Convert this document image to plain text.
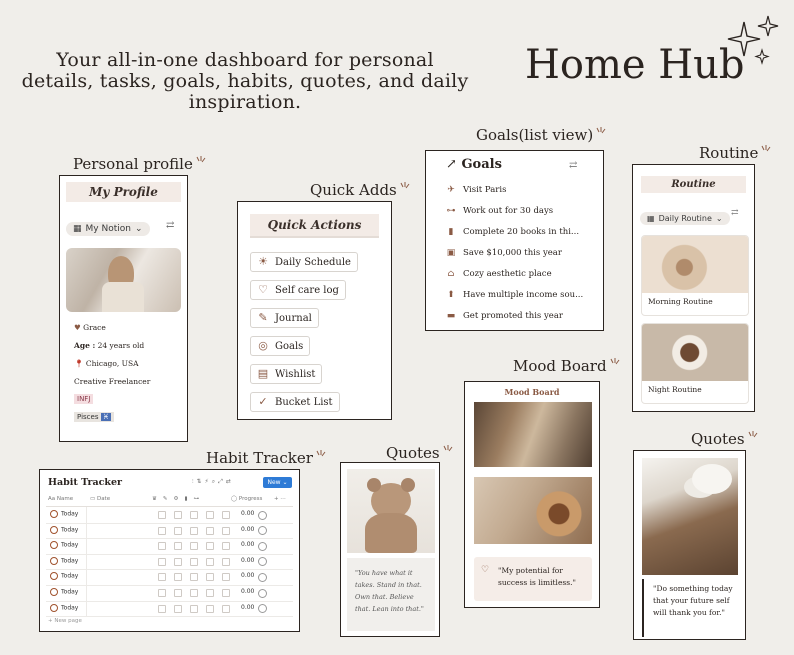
Your all-in-one dashboard for personal details, tasks, goals, habits, quotes, and daily inspiration.
Home Hub
Personal profile
Quick Adds
Goals(list view)
Routine
Habit Tracker	Quotes
Mood Board
Quotes
My Profile
▦ My Notion ⌄ ⇄
♥ Grace
Age : 24 years old
📍︎ Chicago, USA
Creative Freelancer
INFJ
Pisces ♓
Quick Actions
☀ Daily Schedule
♡ Self care log
✎ Journal
◎ Goals
▤ Wishlist
✓ Bucket List
↗ Goals	⇄
✈ Visit Paris
⊶ Work out for 30 days
▮ Complete 20 books in thi...
▣ Save $10,000 this year
⌂ Cozy aesthetic place
⬆ Have multiple income sou...
▬ Get promoted this year
Routine
▦ Daily Routine ⌄
⇄
Morning Routine
Night Routine
Habit Tracker	⫶⇅⚡⌕⤢⇄	New ⌄
Aa Name	▭ Date	♛✎⚙▮⊶	◯ Progress + ⋯
Today	0.00
Today	0.00
Today	0.00
Today	0.00
Today	0.00
Today	0.00
Today	0.00
+ New page
"You have what it takes. Stand in that. Own that. Believe that. Lean into that."
Mood Board
♡ "My potential for success is limitless."
"Do something today that your future self will thank you for."
